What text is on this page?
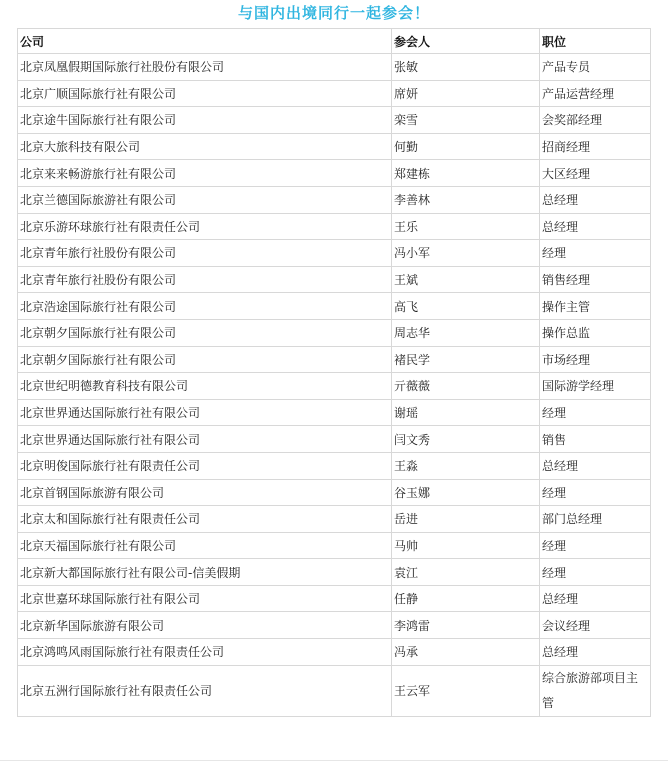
与国内出境同行一起参会！
公司	参会人	职位
北京凤凰假期国际旅行社股份有限公司	张敏	产品专员
北京广顺国际旅行社有限公司	席妍	产品运营经理
北京途牛国际旅行社有限公司	栾雪	会奖部经理
北京大旅科技有限公司	何勤	招商经理
北京来来畅游旅行社有限公司	郑建栋	大区经理
北京兰德国际旅游社有限公司	李善林	总经理
北京乐游环球旅行社有限责任公司	王乐	总经理
北京青年旅行社股份有限公司	冯小军	经理
北京青年旅行社股份有限公司	王斌	销售经理
北京浩途国际旅行社有限公司	高飞	操作主管
北京朝夕国际旅行社有限公司	周志华	操作总监
北京朝夕国际旅行社有限公司	褚民学	市场经理
北京世纪明德教育科技有限公司	亓薇薇	国际游学经理
北京世界通达国际旅行社有限公司	谢瑶	经理
北京世界通达国际旅行社有限公司	闫文秀	销售
北京明俊国际旅行社有限责任公司	王淼	总经理
北京首钢国际旅游有限公司	谷玉娜	经理
北京太和国际旅行社有限责任公司	岳进	部门总经理
北京天福国际旅行社有限公司	马帅	经理
北京新大都国际旅行社有限公司-信美假期	袁江	经理
北京世嘉环球国际旅行社有限公司	任静	总经理
北京新华国际旅游有限公司	李鸿雷	会议经理
北京鸿鸣风雨国际旅行社有限责任公司	冯承	总经理
北京五洲行国际旅行社有限责任公司	王云军	综合旅游部项目主管
